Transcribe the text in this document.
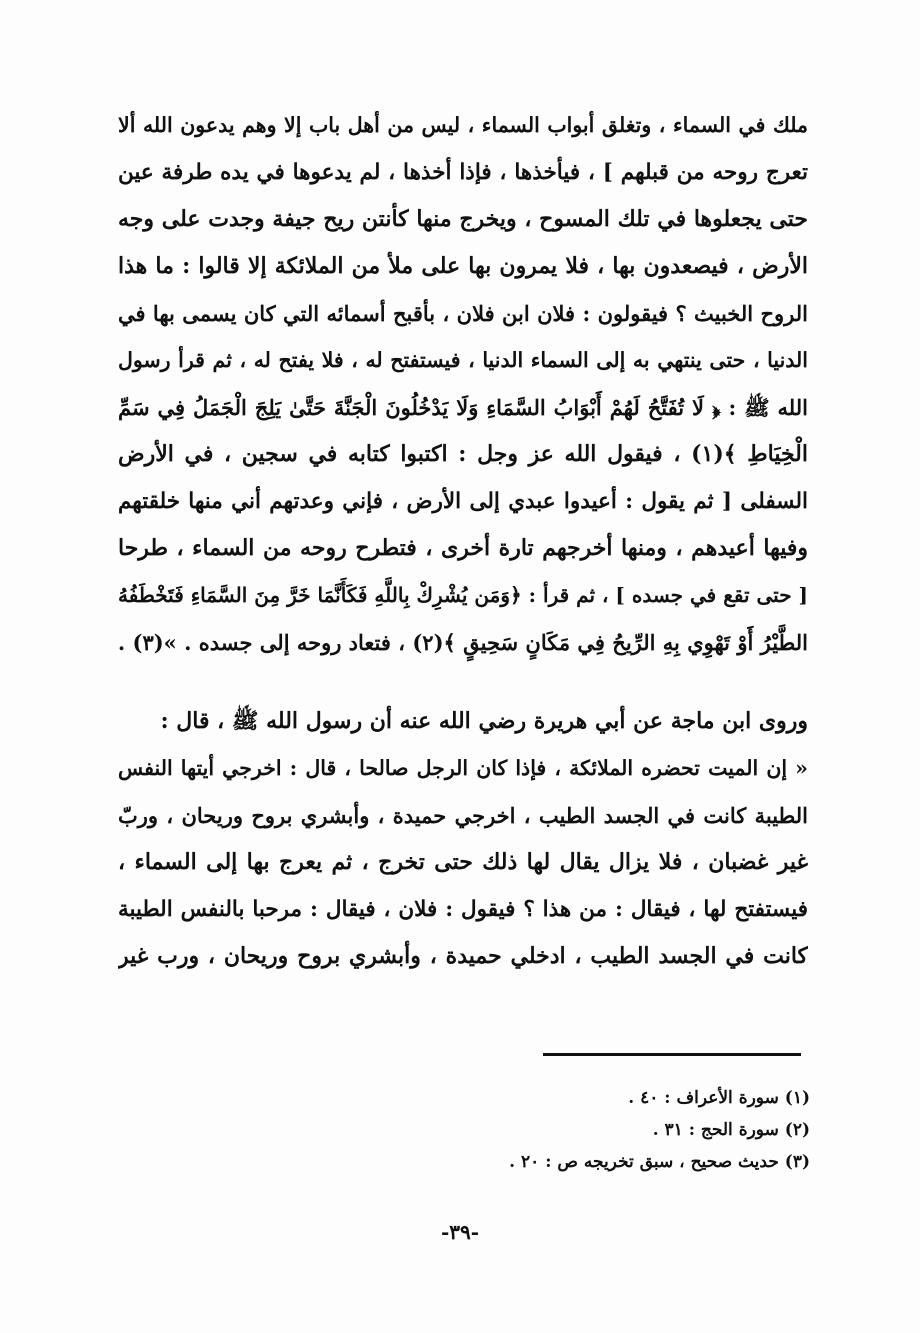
ملك في السماء ، وتغلق أبواب السماء ، ليس من أهل باب إلا وهم يدعون الله ألا
تعرج روحه من قبلهم ] ، فيأخذها ، فإذا أخذها ، لم يدعوها في يده طرفة عين
حتى يجعلوها في تلك المسوح ، ويخرج منها كأنتن ريح جيفة وجدت على وجه
الأرض ، فيصعدون بها ، فلا يمرون بها على ملأ من الملائكة إلا قالوا : ما هذا
الروح الخبيث ؟ فيقولون : فلان ابن فلان ، بأقبح أسمائه التي كان يسمى بها في
الدنيا ، حتى ينتهي به إلى السماء الدنيا ، فيستفتح له ، فلا يفتح له ، ثم قرأ رسول
الله ﷺ : ﴿ لَا تُفَتَّحُ لَهُمْ أَبْوَابُ السَّمَاءِ وَلَا يَدْخُلُونَ الْجَنَّةَ حَتَّىٰ يَلِجَ الْجَمَلُ فِي سَمِّ
الْخِيَاطِ ﴾(١) ، فيقول الله عز وجل : اكتبوا كتابه في سجين ، في الأرض
السفلى [ ثم يقول : أعيدوا عبدي إلى الأرض ، فإني وعدتهم أني منها خلقتهم
وفيها أعيدهم ، ومنها أخرجهم تارة أخرى ، فتطرح روحه من السماء ، طرحا
[ حتى تقع في جسده ] ، ثم قرأ : ﴿وَمَن يُشْرِكْ بِاللَّهِ فَكَأَنَّمَا خَرَّ مِنَ السَّمَاءِ فَتَخْطَفُهُ
الطَّيْرُ أَوْ تَهْوِي بِهِ الرِّيحُ فِي مَكَانٍ سَحِيقٍ ﴾(٢) ، فتعاد روحه إلى جسده . »(٣) .
وروى ابن ماجة عن أبي هريرة رضي الله عنه أن رسول الله ﷺ ، قال :
« إن الميت تحضره الملائكة ، فإذا كان الرجل صالحا ، قال : اخرجي أيتها النفس
الطيبة كانت في الجسد الطيب ، اخرجي حميدة ، وأبشري بروح وريحان ، وربّ
غير غضبان ، فلا يزال يقال لها ذلك حتى تخرج ، ثم يعرج بها إلى السماء ،
فيستفتح لها ، فيقال : من هذا ؟ فيقول : فلان ، فيقال : مرحبا بالنفس الطيبة
كانت في الجسد الطيب ، ادخلي حميدة ، وأبشري بروح وريحان ، ورب غير
(١) سورة الأعراف : ٤٠ .
(٢) سورة الحج : ٣١ .
(٣) حديث صحيح ، سبق تخريجه ص : ٢٠ .
-٣٩-
